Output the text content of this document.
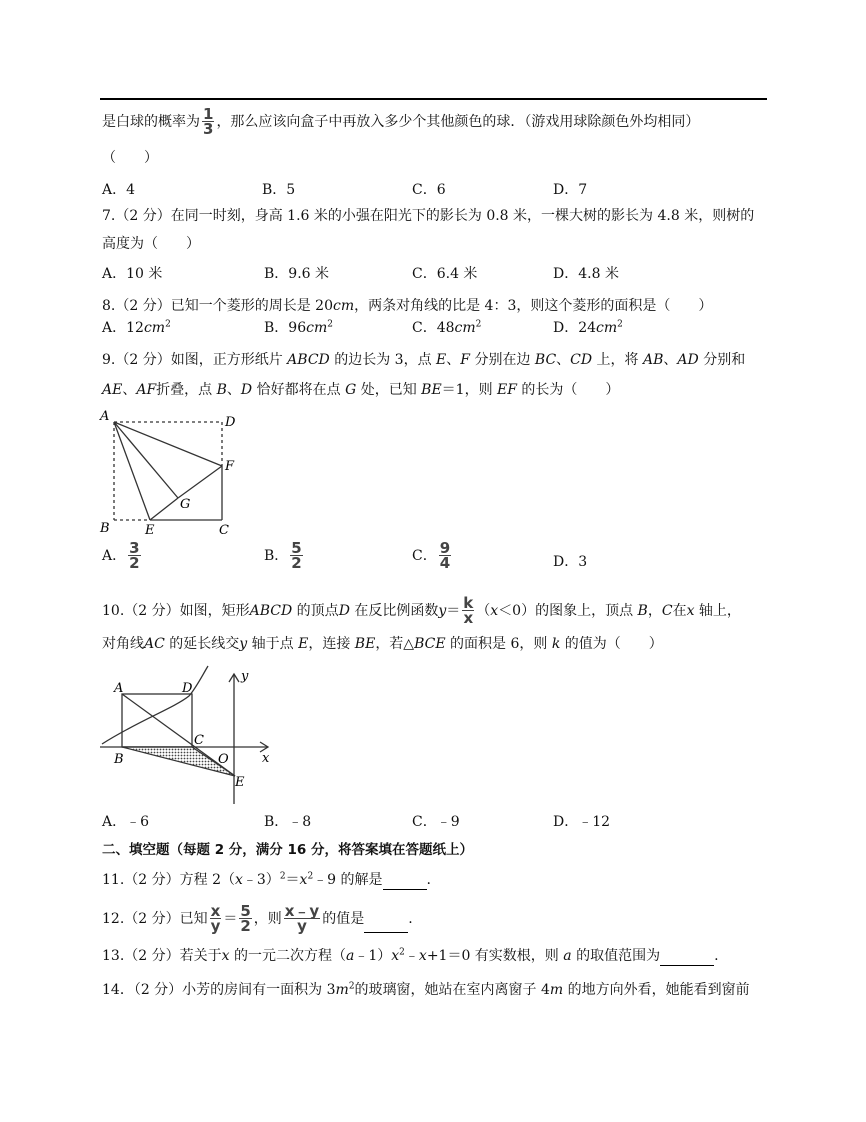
是白球的概率为 $\frac{1}{3}$ ，那么应该向盒子中再放入多少个其他颜色的球．（游戏用球除颜色外均相同）
（　　）
A．4	B．5	C．6	D．7
7.（2 分）在同一时刻，身高 1.6 米的小强在阳光下的影长为 0.8 米，一棵大树的影长为 4.8 米，则树的
高度为（　　）
A．10 米	B．9.6 米	C．6.4 米	D．4.8 米
8.（2 分）已知一个菱形的周长是 20cm，两条对角线的比是 4：3，则这个菱形的面积是（　　）
A．$12cm^2$	B．$96cm^2$	C．$48cm^2$	D．$24cm^2$
9.（2 分）如图，正方形纸片 ABCD 的边长为 3，点 E、F 分别在边 BC、CD 上，将 AB、AD 分别和
AE、AF折叠，点 B、D 恰好都将在点 G 处，已知 BE＝1，则 EF 的长为（　　）
A	D
F
G
B	E	C
A． $\frac{3}{2}$	B． $\frac{5}{2}$	C． $\frac{9}{4}$	D．3
10.（2 分）如图，矩形ABCD 的顶点D 在反比例函数$y= \frac{k}{x} (x<0)$的图象上，顶点 B，C在x 轴上，
对角线AC 的延长线交y 轴于点 E，连接 BE，若△BCE 的面积是 6，则 k 的值为（　　）
A	D
B
C
O
E
x
y
A．﹣6	B．﹣8	C．﹣9	D．﹣12
二、填空题（每题 2 分，满分 16 分，将答案填在答题纸上）
11.（2 分）方程 $2(x﹣3)^2=x^2﹣9$ 的解是	.
12.（2 分）已知 $\frac{x}{y} = \frac{5}{2}$ ，则 $\frac{x﹣y}{y}$ 的值是	.
13.（2 分）若关于x 的一元二次方程$(a﹣1)x^2﹣x+1=0$ 有实数根，则 a 的取值范围为	.
14．（2 分）小芳的房间有一面积为 $3m^2$的玻璃窗，她站在室内离窗子 4m 的地方向外看，她能看到窗前
